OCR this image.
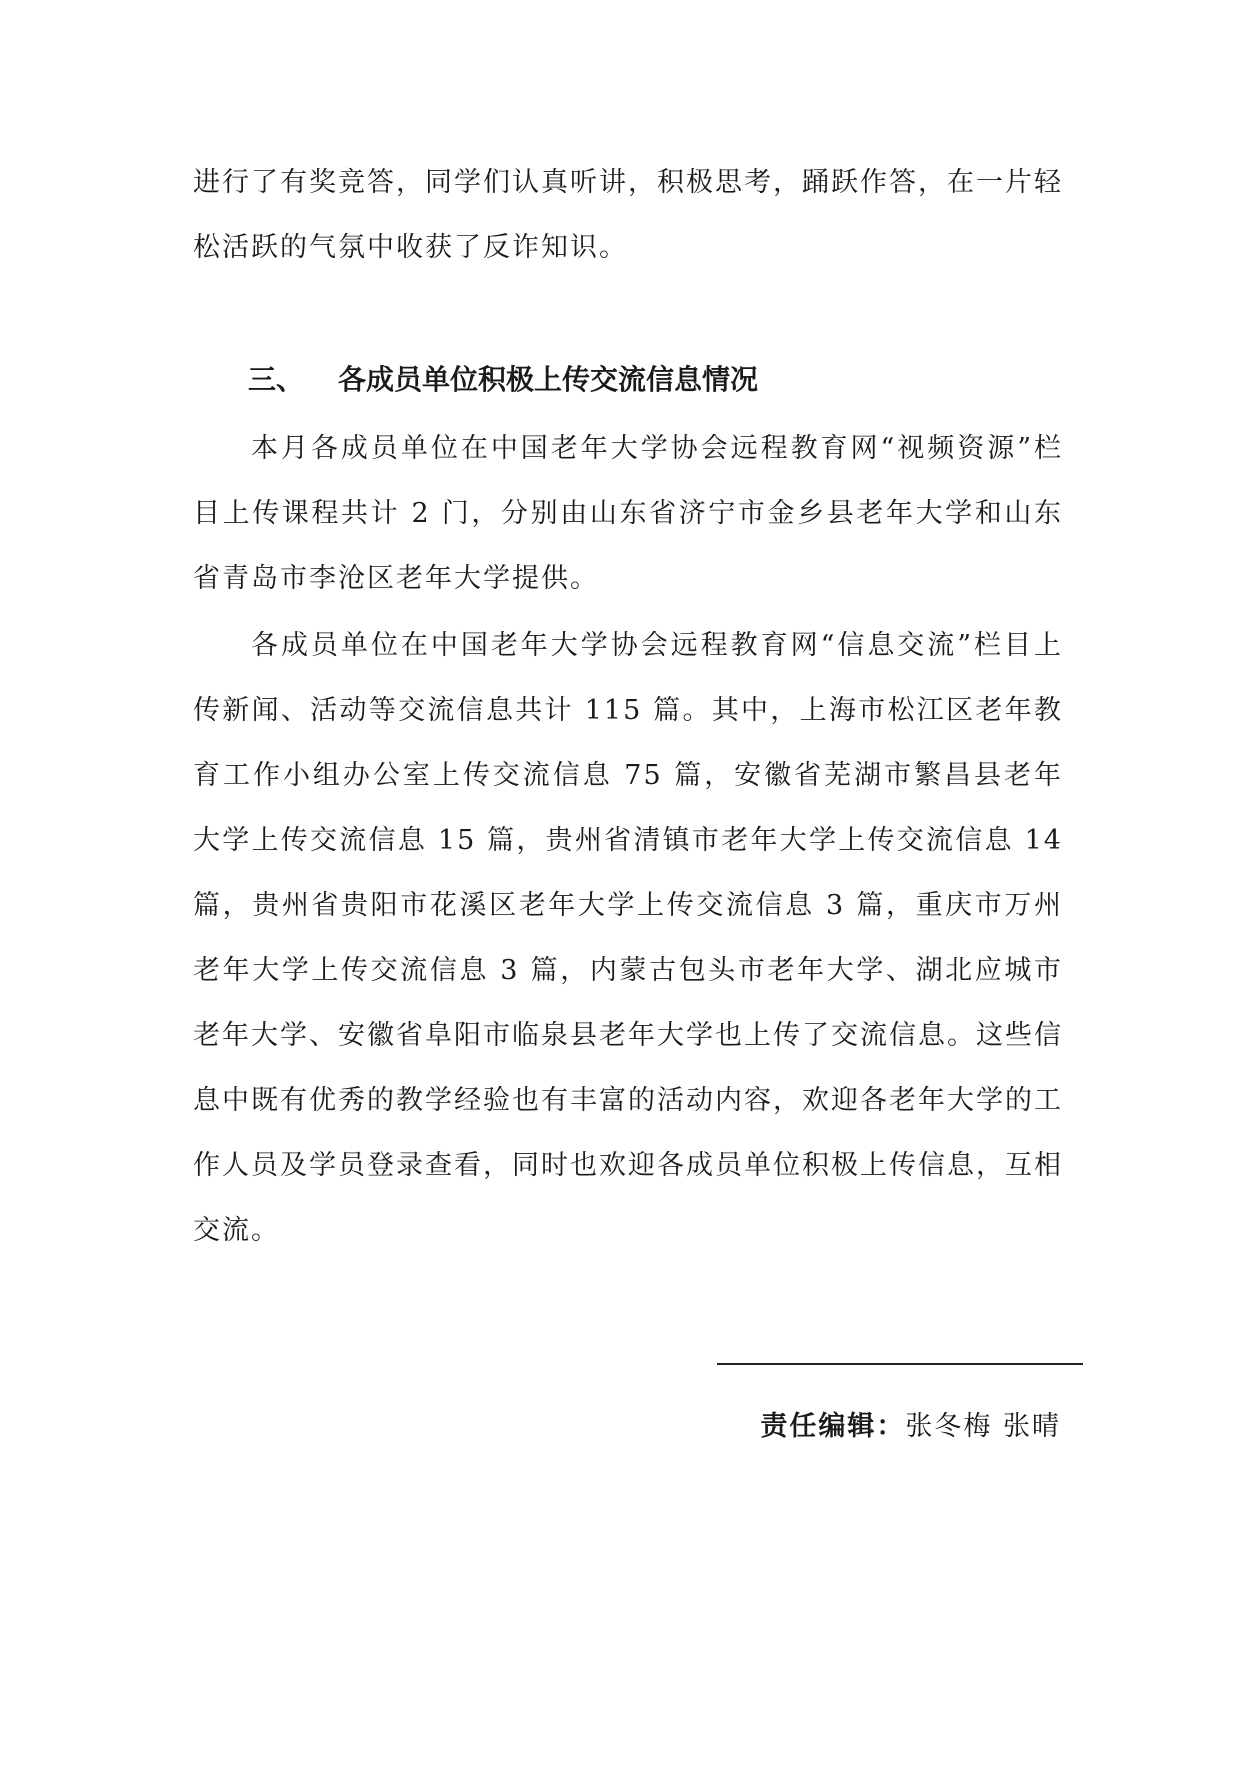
进行了有奖竞答，同学们认真听讲，积极思考，踊跃作答，在一片轻松活跃的气氛中收获了反诈知识。

三、 各成员单位积极上传交流信息情况

本月各成员单位在中国老年大学协会远程教育网“视频资源”栏目上传课程共计 2 门，分别由山东省济宁市金乡县老年大学和山东省青岛市李沧区老年大学提供。

各成员单位在中国老年大学协会远程教育网“信息交流”栏目上传新闻、活动等交流信息共计 115 篇。其中，上海市松江区老年教育工作小组办公室上传交流信息 75 篇，安徽省芜湖市繁昌县老年大学上传交流信息 15 篇，贵州省清镇市老年大学上传交流信息 14 篇，贵州省贵阳市花溪区老年大学上传交流信息 3 篇，重庆市万州老年大学上传交流信息 3 篇，内蒙古包头市老年大学、湖北应城市老年大学、安徽省阜阳市临泉县老年大学也上传了交流信息。这些信息中既有优秀的教学经验也有丰富的活动内容，欢迎各老年大学的工作人员及学员登录查看，同时也欢迎各成员单位积极上传信息，互相交流。

责任编辑：张冬梅 张晴
